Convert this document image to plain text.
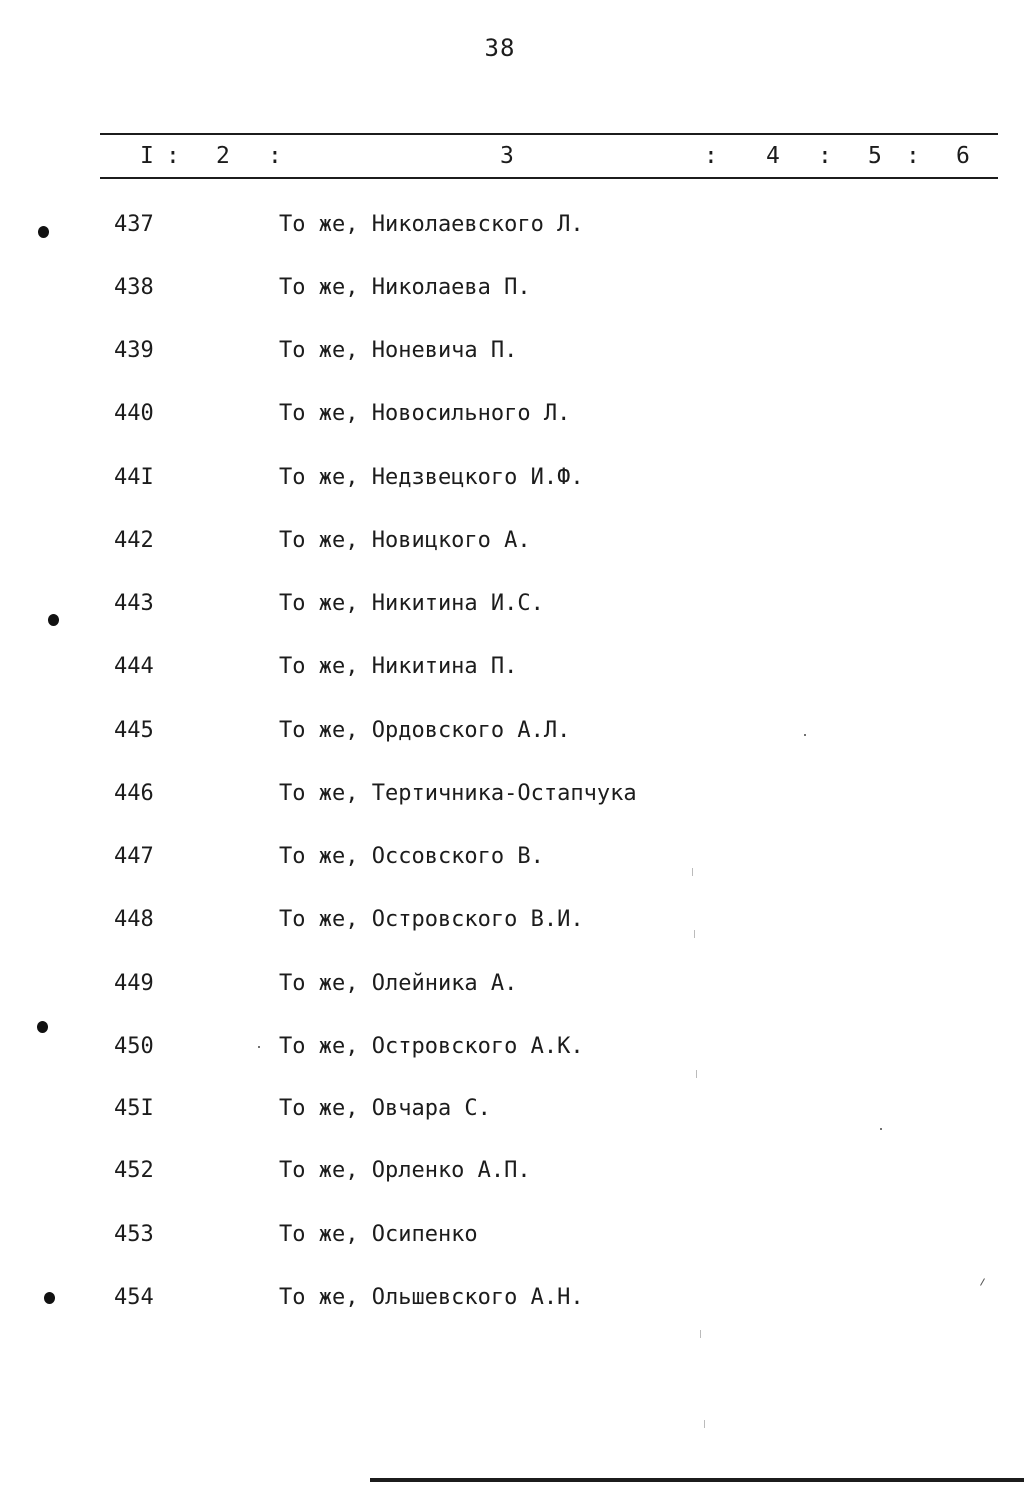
38
I : 2 :	3	: 4 : 5 : 6
437	То же, Николаевского Л.
438	То же, Николаева П.
439	То же, Ноневича П.
440	То же, Новосильного Л.
44I	То же, Недзвецкого И.Ф.
442	То же, Новицкого А.
443	То же, Никитина И.С.
444	То же, Никитина П.
445	То же, Ордовского А.Л.
446	То же, Тертичника-Остапчука
447	То же, Оссовского В.
448	То же, Островского В.И.
449	То же, Олейника А.
450	То же, Островского А.К.
45I	То же, Овчара С.
452	То же, Орленко А.П.
453	То же, Осипенко
454	То же, Ольшевского А.Н.
